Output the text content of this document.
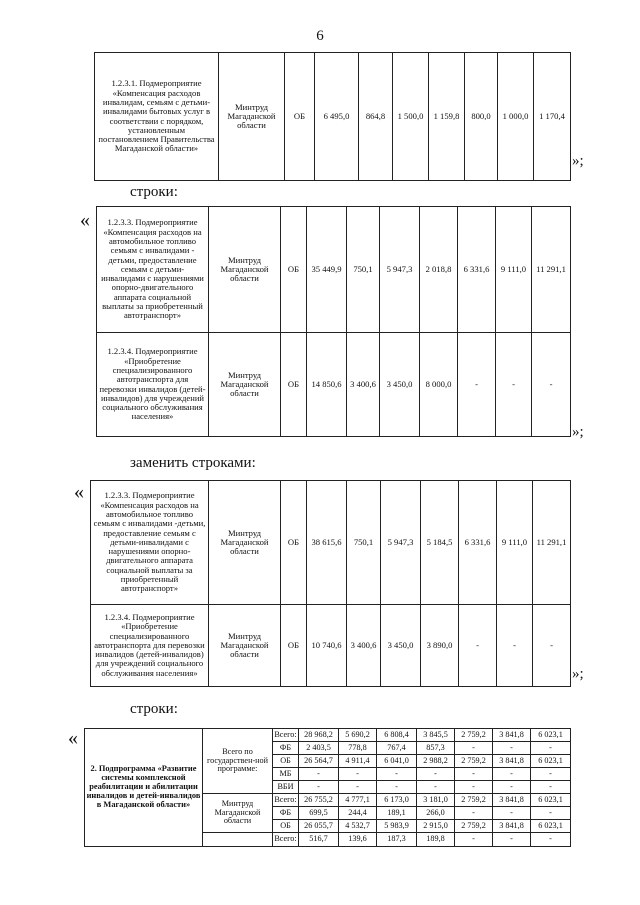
6
1.2.3.1. Подмероприятие «Компенсация расходов инвалидам, семьям с детьми-инвалидами бытовых услуг в соответствии с порядком, установленным постановлением Правительства Магаданской области»	Минтруд Магаданской области	ОБ	6 495,0	864,8	1 500,0	1 159,8	800,0	1 000,0	1 170,4
»;
строки:
« 1.2.3.3. Подмероприятие «Компенсация расходов на автомобильное топливо семьям с инвалидами - детьми, предоставление семьям с детьми-инвалидами с нарушениями опорно-двигательного аппарата социальной выплаты за приобретенный автотранспорт»	Минтруд Магаданской области	ОБ	35 449,9	750,1	5 947,3	2 018,8	6 331,6	9 111,0	11 291,1
1.2.3.4. Подмероприятие «Приобретение специализированного автотранспорта для перевозки инвалидов (детей-инвалидов) для учреждений социального обслуживания населения»	Минтруд Магаданской области	ОБ	14 850,6	3 400,6	3 450,0	8 000,0	-	-	-
»;
заменить строками:
« 1.2.3.3. Подмероприятие «Компенсация расходов на автомобильное топливо семьям с инвалидами -детьми, предоставление семьям с детьми-инвалидами с нарушениями опорно-двигательного аппарата социальной выплаты за приобретенный автотранспорт»	Минтруд Магаданской области	ОБ	38 615,6	750,1	5 947,3	5 184,5	6 331,6	9 111,0	11 291,1
1.2.3.4. Подмероприятие «Приобретение специализированного автотранспорта для перевозки инвалидов (детей-инвалидов) для учреждений социального обслуживания населения»	Минтруд Магаданской области	ОБ	10 740,6	3 400,6	3 450,0	3 890,0	-	-	-
»;
строки:
«
2. Подпрограмма «Развитие системы комплексной реабилитации и абилитации инвалидов и детей-инвалидов в Магаданской области»	Всего по государствен-ной программе:	Всего:	28 968,2	5 690,2	6 808,4	3 845,5	2 759,2	3 841,8	6 023,1
		ФБ	2 403,5	778,8	767,4	857,3	-	-	-
		ОБ	26 564,7	4 911,4	6 041,0	2 988,2	2 759,2	3 841,8	6 023,1
		МБ	-	-	-	-	-	-	-
		ВБИ	-	-	-	-	-	-	-
	Минтруд Магаданской области	Всего:	26 755,2	4 777,1	6 173,0	3 181,0	2 759,2	3 841,8	6 023,1
		ФБ	699,5	244,4	189,1	266,0	-	-	-
		ОБ	26 055,7	4 532,7	5 983,9	2 915,0	2 759,2	3 841,8	6 023,1
		Всего:	516,7	139,6	187,3	189,8	-	-	-
